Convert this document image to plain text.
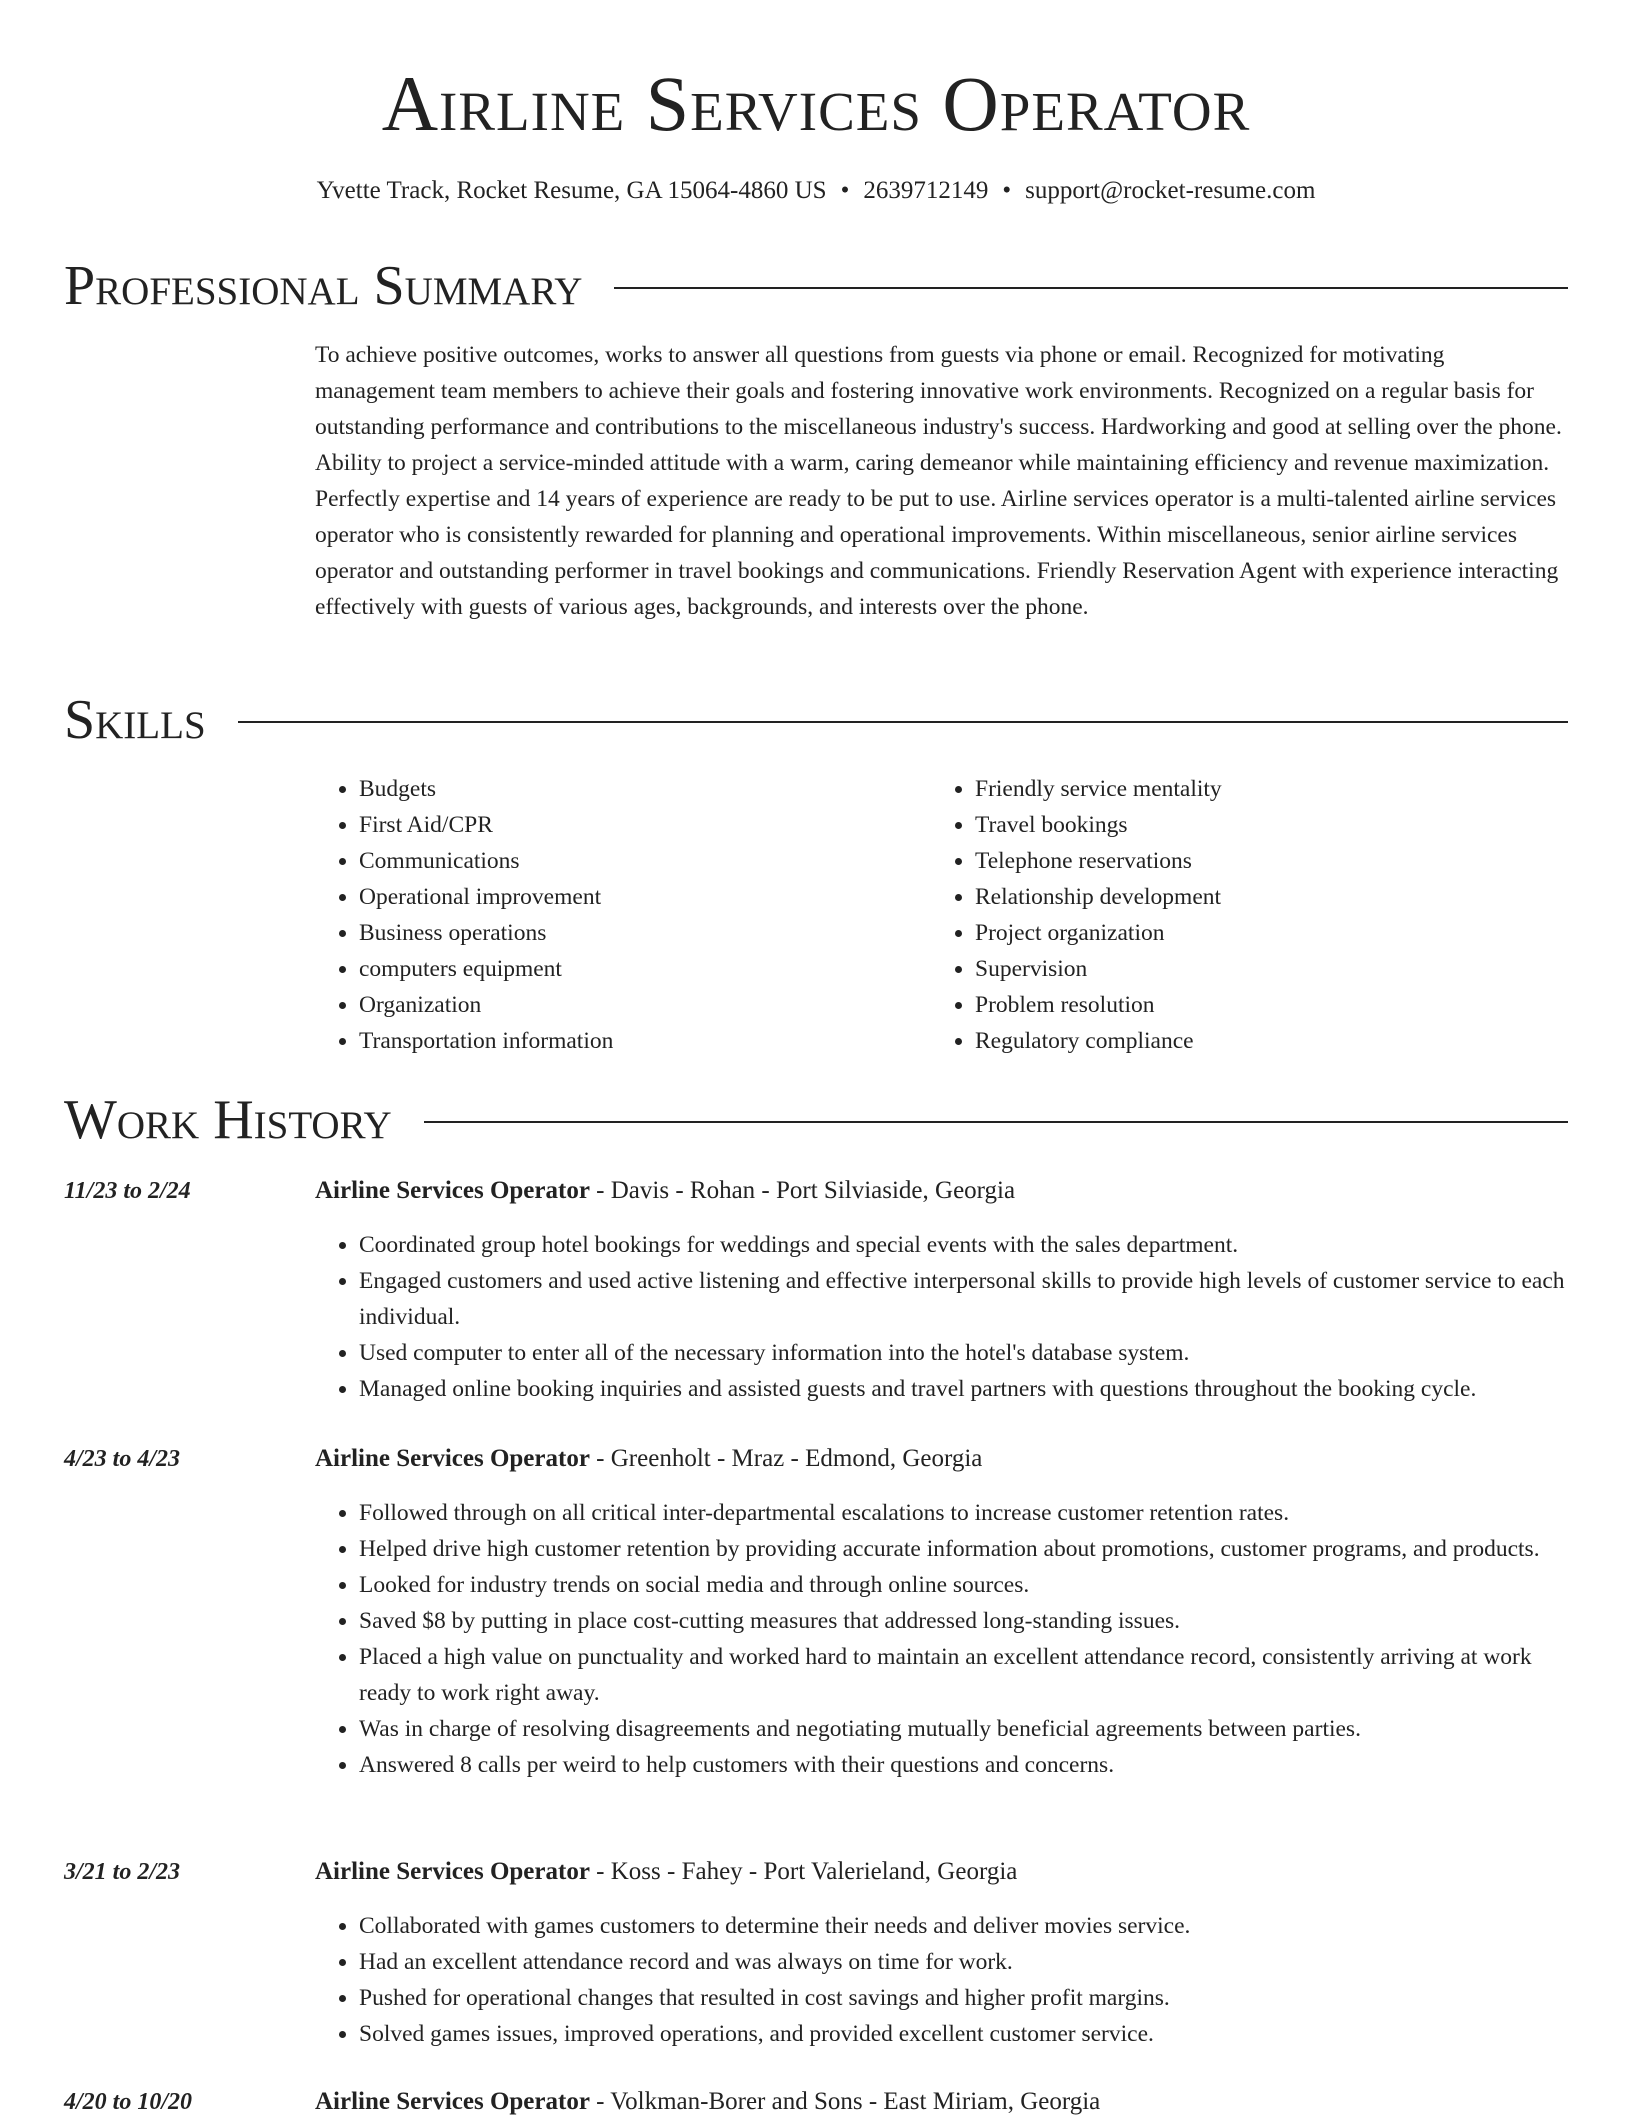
Airline Services Operator
Yvette Track, Rocket Resume, GA 15064-4860 US • 2639712149 • support@rocket-resume.com
Professional Summary

To achieve positive outcomes, works to answer all questions from guests via phone or email. Recognized for motivating management team members to achieve their goals and fostering innovative work environments. Recognized on a regular basis for outstanding performance and contributions to the miscellaneous industry's success. Hardworking and good at selling over the phone. Ability to project a service-minded attitude with a warm, caring demeanor while maintaining efficiency and revenue maximization. Perfectly expertise and 14 years of experience are ready to be put to use. Airline services operator is a multi-talented airline services operator who is consistently rewarded for planning and operational improvements. Within miscellaneous, senior airline services operator and outstanding performer in travel bookings and communications. Friendly Reservation Agent with experience interacting effectively with guests of various ages, backgrounds, and interests over the phone.

Skills
• Budgets
• First Aid/CPR
• Communications
• Operational improvement
• Business operations
• computers equipment
• Organization
• Transportation information
• Friendly service mentality
• Travel bookings
• Telephone reservations
• Relationship development
• Project organization
• Supervision
• Problem resolution
• Regulatory compliance
Work History
11/23 to 2/24	Airline Services Operator - Davis - Rohan - Port Silviaside, Georgia
• Coordinated group hotel bookings for weddings and special events with the sales department.
• Engaged customers and used active listening and effective interpersonal skills to provide high levels of customer service to each individual.
• Used computer to enter all of the necessary information into the hotel's database system.
• Managed online booking inquiries and assisted guests and travel partners with questions throughout the booking cycle.
4/23 to 4/23	Airline Services Operator - Greenholt - Mraz - Edmond, Georgia
• Followed through on all critical inter-departmental escalations to increase customer retention rates.
• Helped drive high customer retention by providing accurate information about promotions, customer programs, and products.
• Looked for industry trends on social media and through online sources.
• Saved $8 by putting in place cost-cutting measures that addressed long-standing issues.
• Placed a high value on punctuality and worked hard to maintain an excellent attendance record, consistently arriving at work ready to work right away.
• Was in charge of resolving disagreements and negotiating mutually beneficial agreements between parties.
• Answered 8 calls per weird to help customers with their questions and concerns.
3/21 to 2/23	Airline Services Operator - Koss - Fahey - Port Valerieland, Georgia
• Collaborated with games customers to determine their needs and deliver movies service.
• Had an excellent attendance record and was always on time for work.
• Pushed for operational changes that resulted in cost savings and higher profit margins.
• Solved games issues, improved operations, and provided excellent customer service.
4/20 to 10/20	Airline Services Operator - Volkman-Borer and Sons - East Miriam, Georgia
